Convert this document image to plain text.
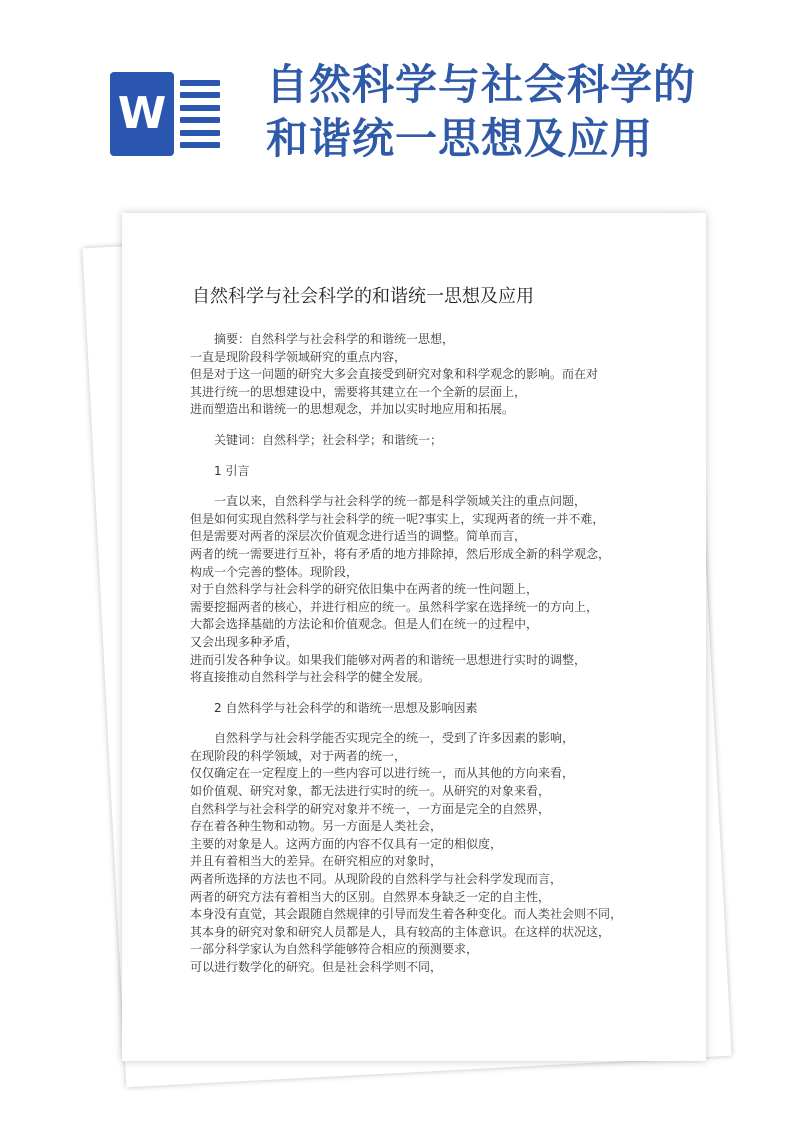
W
自然科学与社会科学的
和谐统一思想及应用
自然科学与社会科学的和谐统一思想及应用
摘要：自然科学与社会科学的和谐统一思想，
一直是现阶段科学领域研究的重点内容，
但是对于这一问题的研究大多会直接受到研究对象和科学观念的影响。而在对
其进行统一的思想建设中，需要将其建立在一个全新的层面上，
进而塑造出和谐统一的思想观念，并加以实时地应用和拓展。
关键词：自然科学；社会科学；和谐统一；
1 引言
一直以来，自然科学与社会科学的统一都是科学领域关注的重点问题，
但是如何实现自然科学与社会科学的统一呢?事实上，实现两者的统一并不难，
但是需要对两者的深层次价值观念进行适当的调整。简单而言，
两者的统一需要进行互补，将有矛盾的地方排除掉，然后形成全新的科学观念，
构成一个完善的整体。现阶段，
对于自然科学与社会科学的研究依旧集中在两者的统一性问题上，
需要挖掘两者的核心，并进行相应的统一。虽然科学家在选择统一的方向上，
大都会选择基础的方法论和价值观念。但是人们在统一的过程中，
又会出现多种矛盾，
进而引发各种争议。如果我们能够对两者的和谐统一思想进行实时的调整，
将直接推动自然科学与社会科学的健全发展。
2 自然科学与社会科学的和谐统一思想及影响因素
自然科学与社会科学能否实现完全的统一，受到了许多因素的影响，
在现阶段的科学领域，对于两者的统一，
仅仅确定在一定程度上的一些内容可以进行统一，而从其他的方向来看，
如价值观、研究对象，都无法进行实时的统一。从研究的对象来看，
自然科学与社会科学的研究对象并不统一，一方面是完全的自然界，
存在着各种生物和动物。另一方面是人类社会，
主要的对象是人。这两方面的内容不仅具有一定的相似度，
并且有着相当大的差异。在研究相应的对象时，
两者所选择的方法也不同。从现阶段的自然科学与社会科学发现而言，
两者的研究方法有着相当大的区别。自然界本身缺乏一定的自主性，
本身没有直觉，其会跟随自然规律的引导而发生着各种变化。而人类社会则不同，
其本身的研究对象和研究人员都是人，具有较高的主体意识。在这样的状况这，
一部分科学家认为自然科学能够符合相应的预测要求，
可以进行数学化的研究。但是社会科学则不同，
